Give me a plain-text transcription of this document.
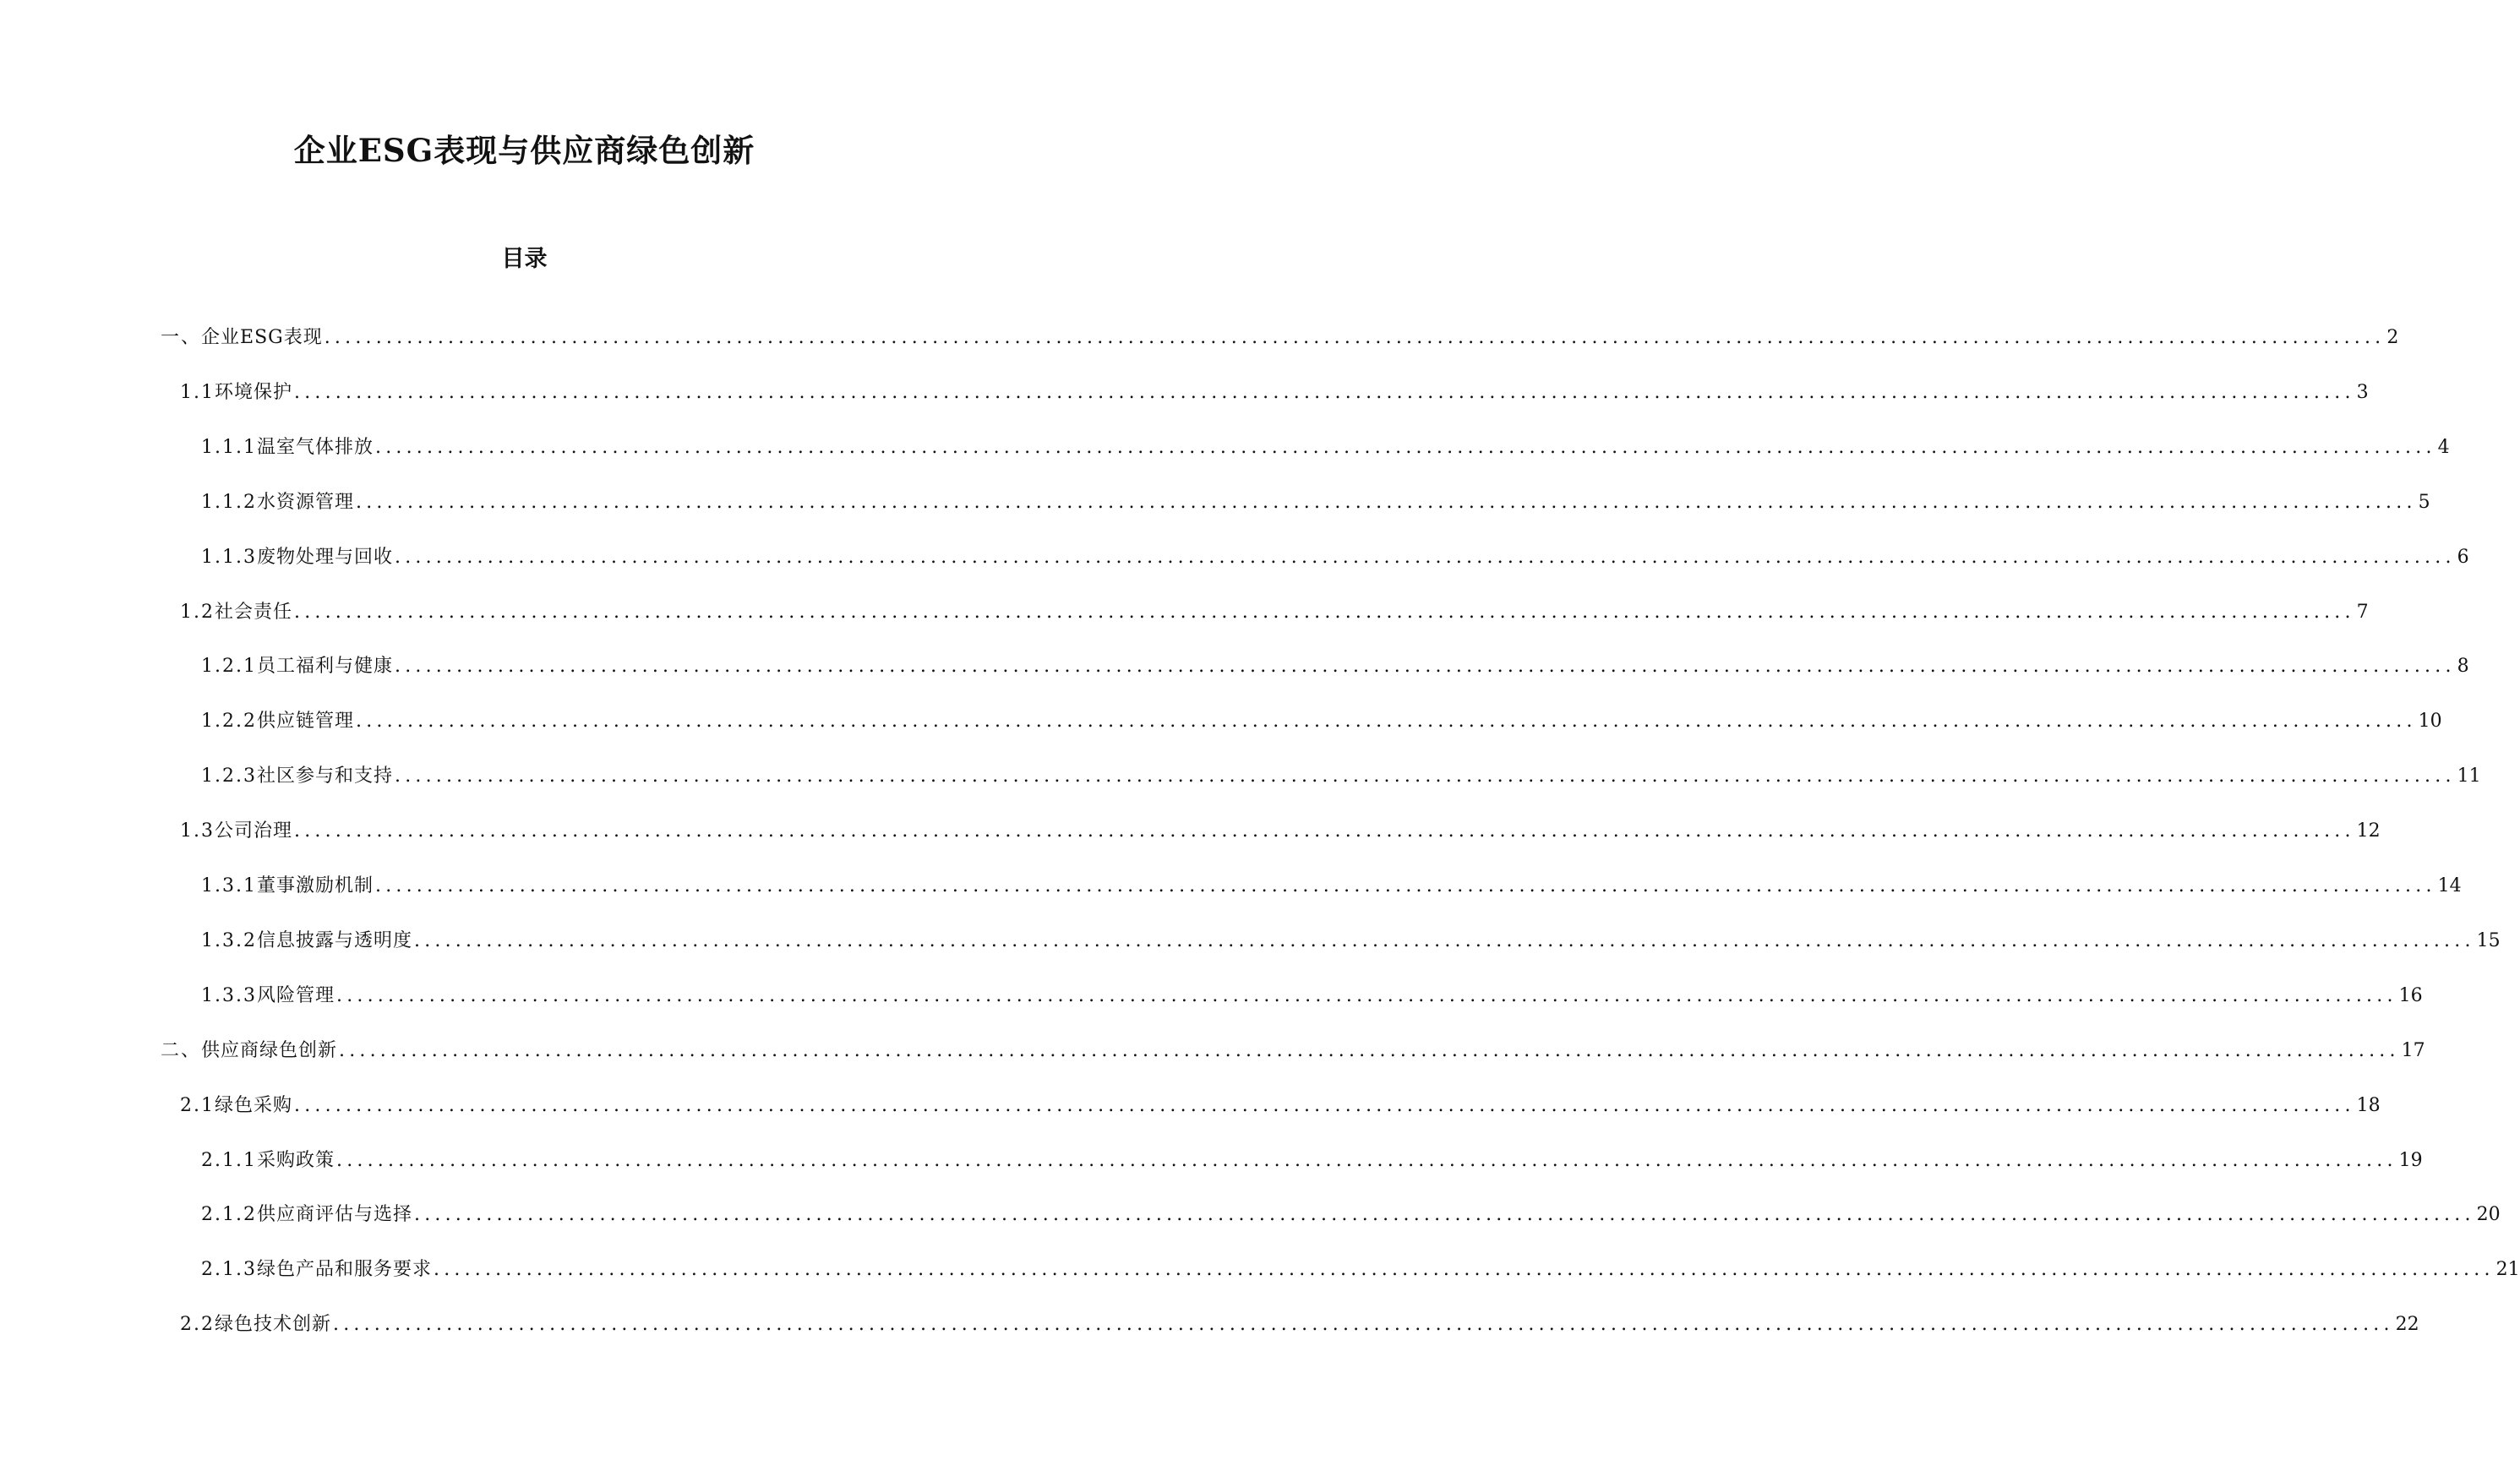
企业ESG表现与供应商绿色创新
目录
一、 企业ESG表现 ........................................................................................................................................................................................................ 2
1.1 环境保护 ........................................................................................................................................................................................................ 3
1.1.1 温室气体排放 ........................................................................................................................................................................................................ 4
1.1.2 水资源管理 ........................................................................................................................................................................................................ 5
1.1.3 废物处理与回收 ........................................................................................................................................................................................................ 6
1.2 社会责任 ........................................................................................................................................................................................................ 7
1.2.1 员工福利与健康 ........................................................................................................................................................................................................ 8
1.2.2 供应链管理 ........................................................................................................................................................................................................ 10
1.2.3 社区参与和支持 ........................................................................................................................................................................................................ 11
1.3 公司治理 ........................................................................................................................................................................................................ 12
1.3.1 董事激励机制 ........................................................................................................................................................................................................ 14
1.3.2 信息披露与透明度 ........................................................................................................................................................................................................ 15
1.3.3 风险管理 ........................................................................................................................................................................................................ 16
二、 供应商绿色创新 ........................................................................................................................................................................................................ 17
2.1 绿色采购 ........................................................................................................................................................................................................ 18
2.1.1 采购政策 ........................................................................................................................................................................................................ 19
2.1.2 供应商评估与选择 ........................................................................................................................................................................................................ 20
2.1.3 绿色产品和服务要求 ........................................................................................................................................................................................................ 21
2.2 绿色技术创新 ........................................................................................................................................................................................................ 22
